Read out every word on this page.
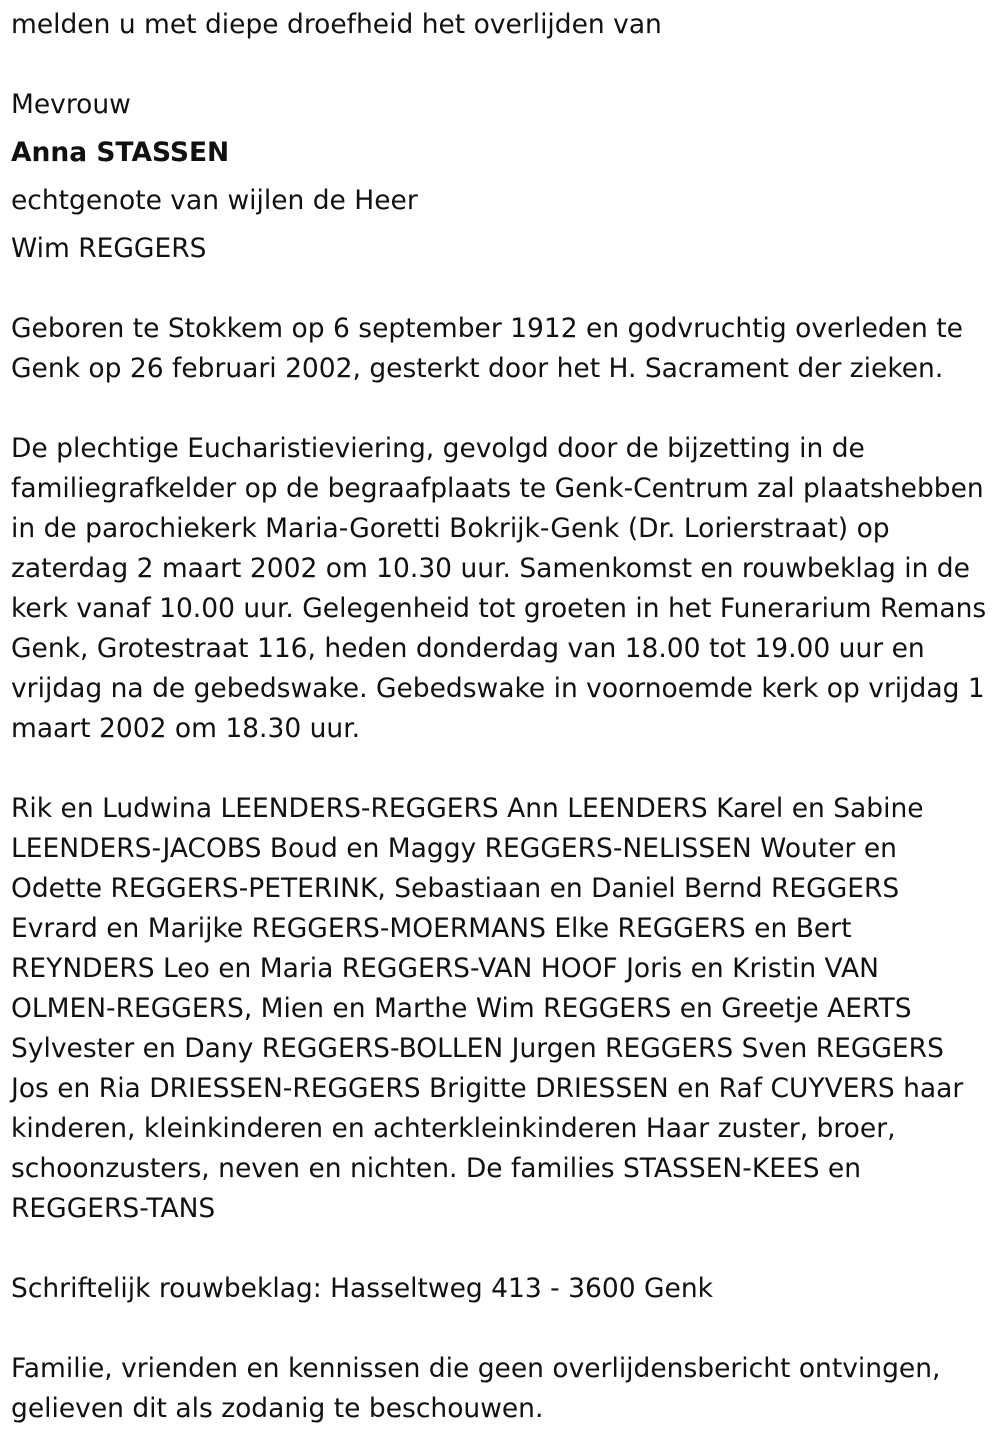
melden u met diepe droefheid het overlijden van
Mevrouw
Anna STASSEN
echtgenote van wijlen de Heer
Wim REGGERS

Geboren te Stokkem op 6 september 1912 en godvruchtig overleden te Genk op 26 februari 2002, gesterkt door het H. Sacrament der zieken.

De plechtige Eucharistieviering, gevolgd door de bijzetting in de familiegrafkelder op de begraafplaats te Genk-Centrum zal plaatshebben in de parochiekerk Maria-Goretti Bokrijk-Genk (Dr. Lorierstraat) op zaterdag 2 maart 2002 om 10.30 uur. Samenkomst en rouwbeklag in de kerk vanaf 10.00 uur. Gelegenheid tot groeten in het Funerarium Remans Genk, Grotestraat 116, heden donderdag van 18.00 tot 19.00 uur en vrijdag na de gebedswake. Gebedswake in voornoemde kerk op vrijdag 1 maart 2002 om 18.30 uur.

Rik en Ludwina LEENDERS-REGGERS Ann LEENDERS Karel en Sabine LEENDERS-JACOBS Boud en Maggy REGGERS-NELISSEN Wouter en Odette REGGERS-PETERINK, Sebastiaan en Daniel Bernd REGGERS Evrard en Marijke REGGERS-MOERMANS Elke REGGERS en Bert REYNDERS Leo en Maria REGGERS-VAN HOOF Joris en Kristin VAN OLMEN-REGGERS, Mien en Marthe Wim REGGERS en Greetje AERTS Sylvester en Dany REGGERS-BOLLEN Jurgen REGGERS Sven REGGERS Jos en Ria DRIESSEN-REGGERS Brigitte DRIESSEN en Raf CUYVERS haar kinderen, kleinkinderen en achterkleinkinderen Haar zuster, broer, schoonzusters, neven en nichten. De families STASSEN-KEES en REGGERS-TANS

Schriftelijk rouwbeklag: Hasseltweg 413 - 3600 Genk

Familie, vrienden en kennissen die geen overlijdensbericht ontvingen, gelieven dit als zodanig te beschouwen.
